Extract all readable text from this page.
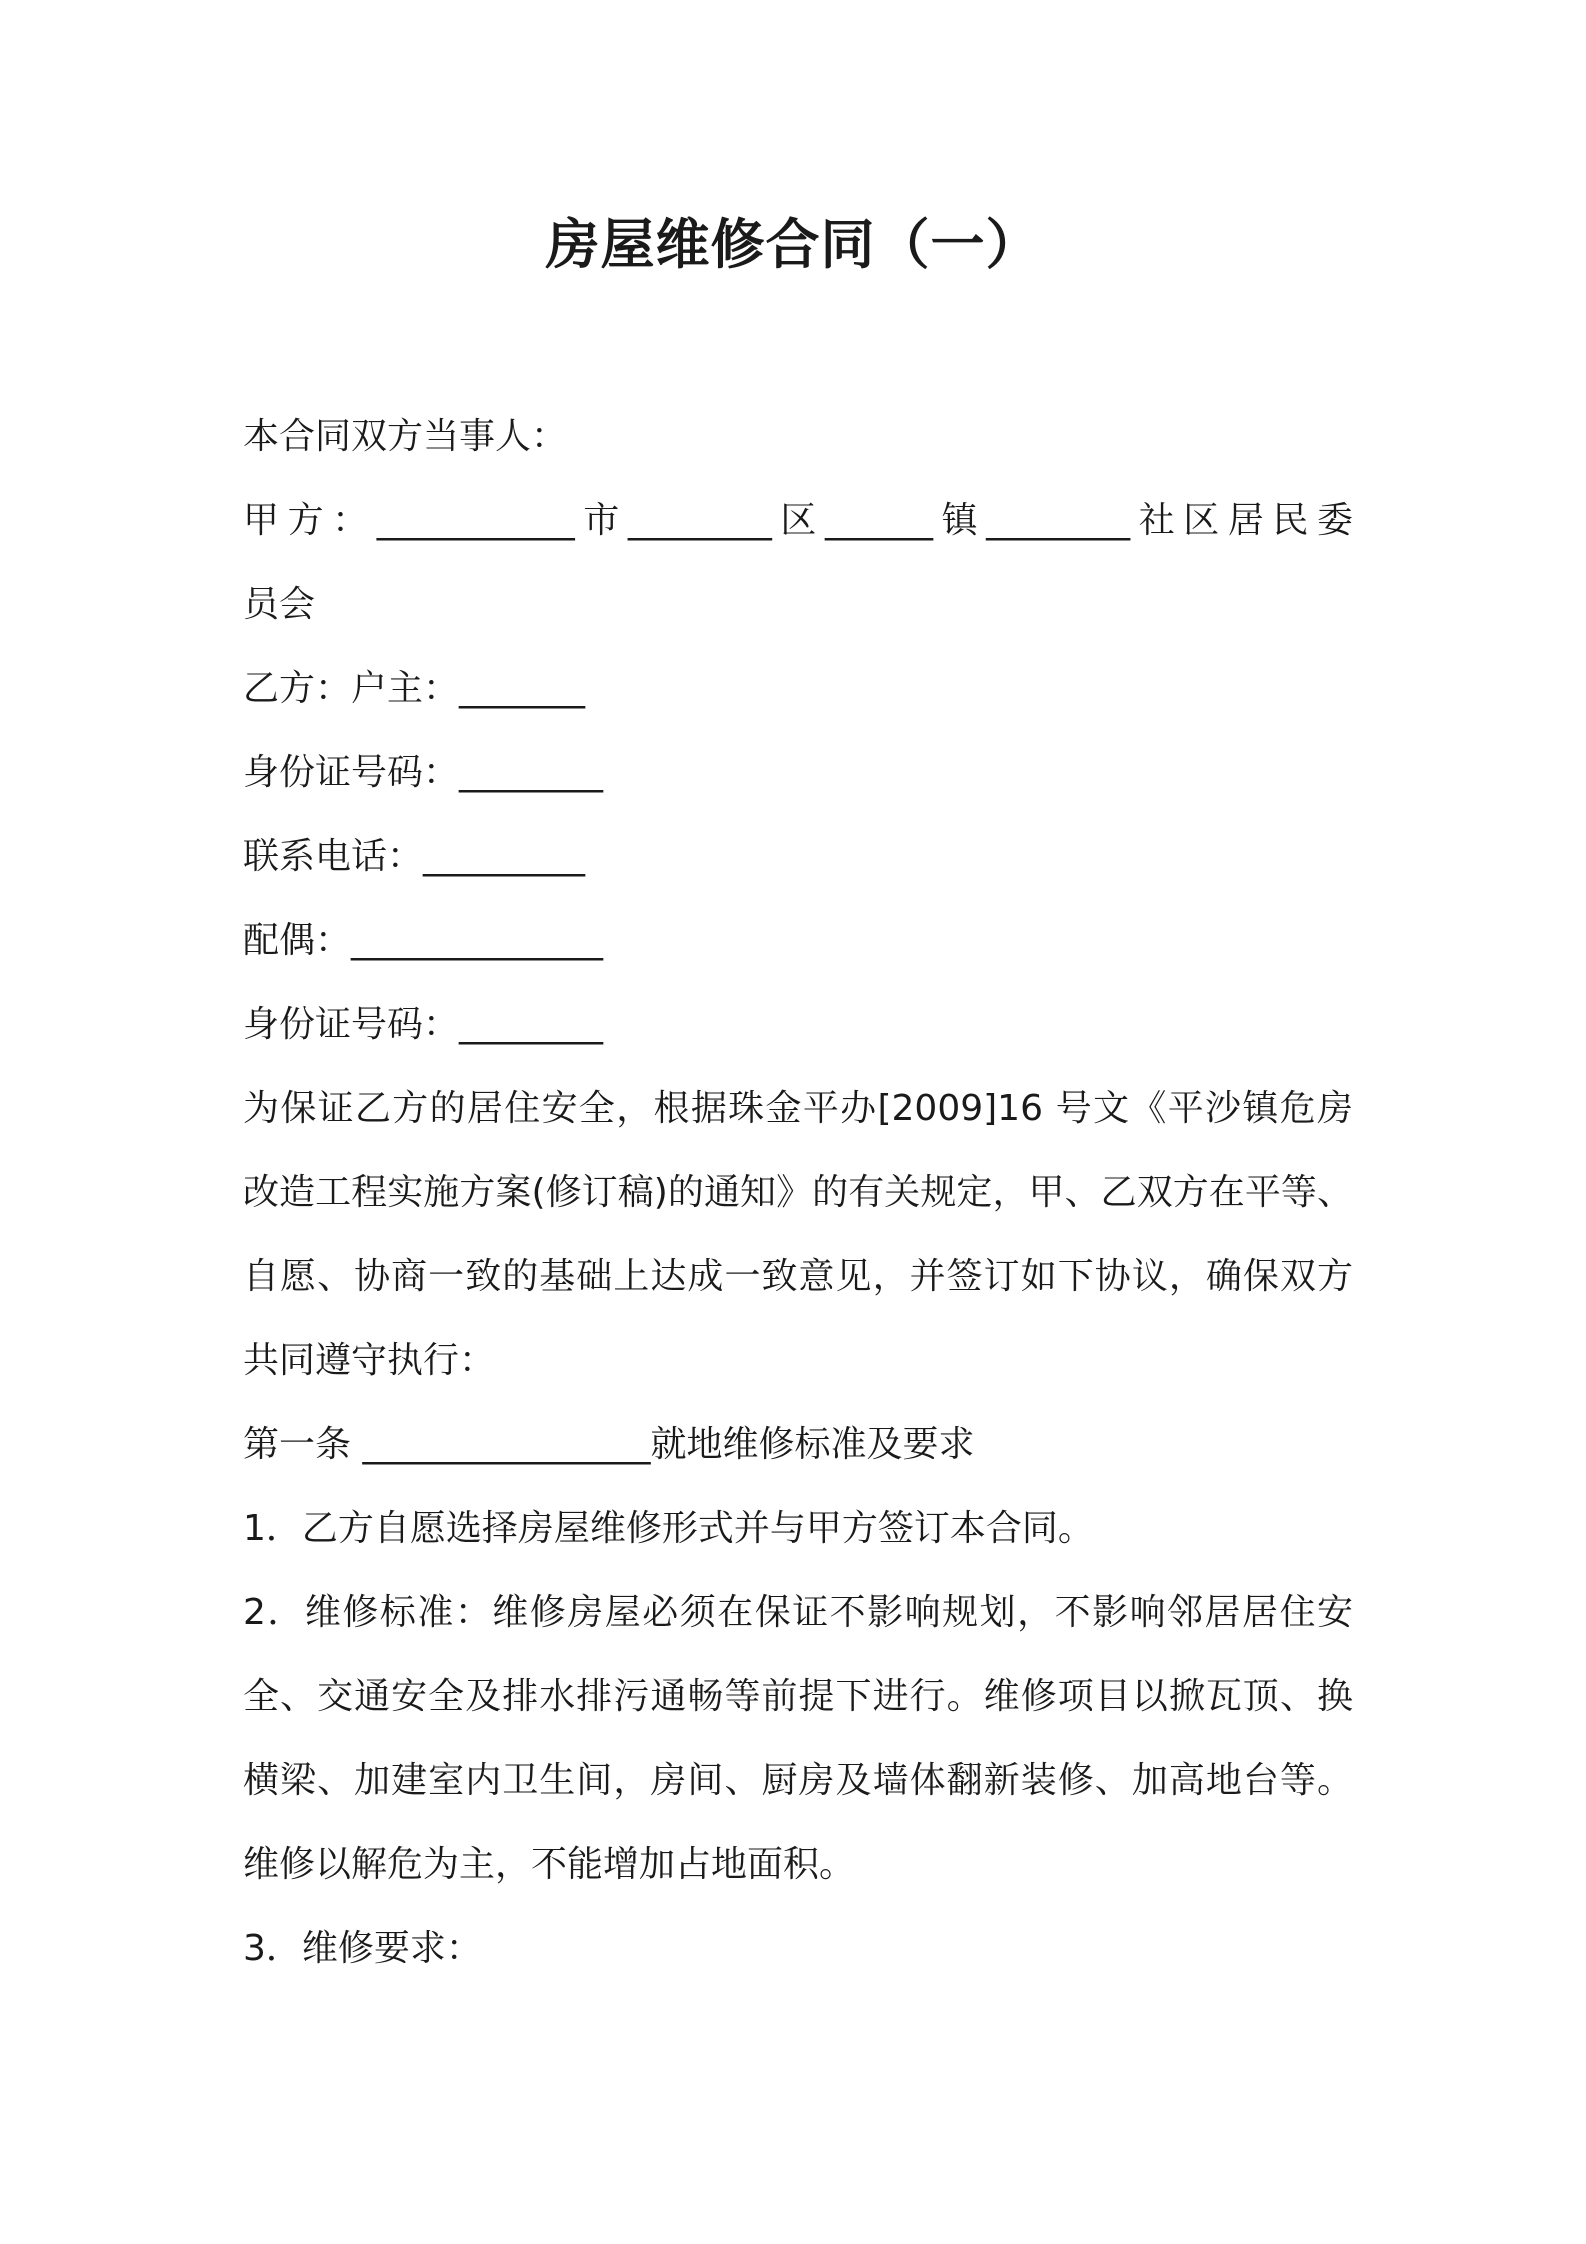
房屋维修合同（一）

本合同双方当事人：

甲方：___________市________区______镇________社区居民委

员会

乙方：户主：_______

身份证号码：________

联系电话：_________

配偶：______________

身份证号码：________

为保证乙方的居住安全，根据珠金平办[2009]16 号文《平沙镇危房

改造工程实施方案(修订稿)的通知》的有关规定，甲、乙双方在平等、

自愿、协商一致的基础上达成一致意见，并签订如下协议，确保双方

共同遵守执行：

第一条 ________________就地维修标准及要求

1．乙方自愿选择房屋维修形式并与甲方签订本合同。

2．维修标准：维修房屋必须在保证不影响规划，不影响邻居居住安

全、交通安全及排水排污通畅等前提下进行。维修项目以掀瓦顶、换

横梁、加建室内卫生间，房间、厨房及墙体翻新装修、加高地台等。

维修以解危为主，不能增加占地面积。

3．维修要求：
